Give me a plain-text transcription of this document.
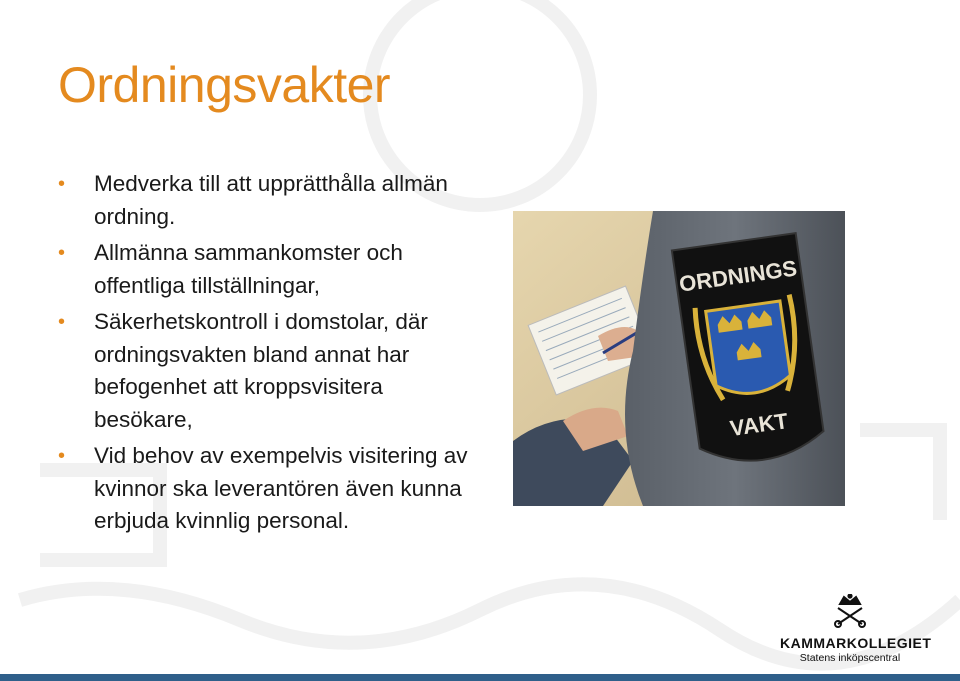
Ordningsvakter
• Medverka till att upprätthålla allmän ordning.
• Allmänna sammankomster och offentliga tillställningar,
• Säkerhetskontroll i domstolar, där ordningsvakten bland annat har befogenhet att kroppsvisitera besökare,
• Vid behov av exempelvis visitering av kvinnor ska leverantören även kunna erbjuda kvinnlig personal.
ORDNINGS
VAKT
KAMMARKOLLEGIET
Statens inköpscentral
